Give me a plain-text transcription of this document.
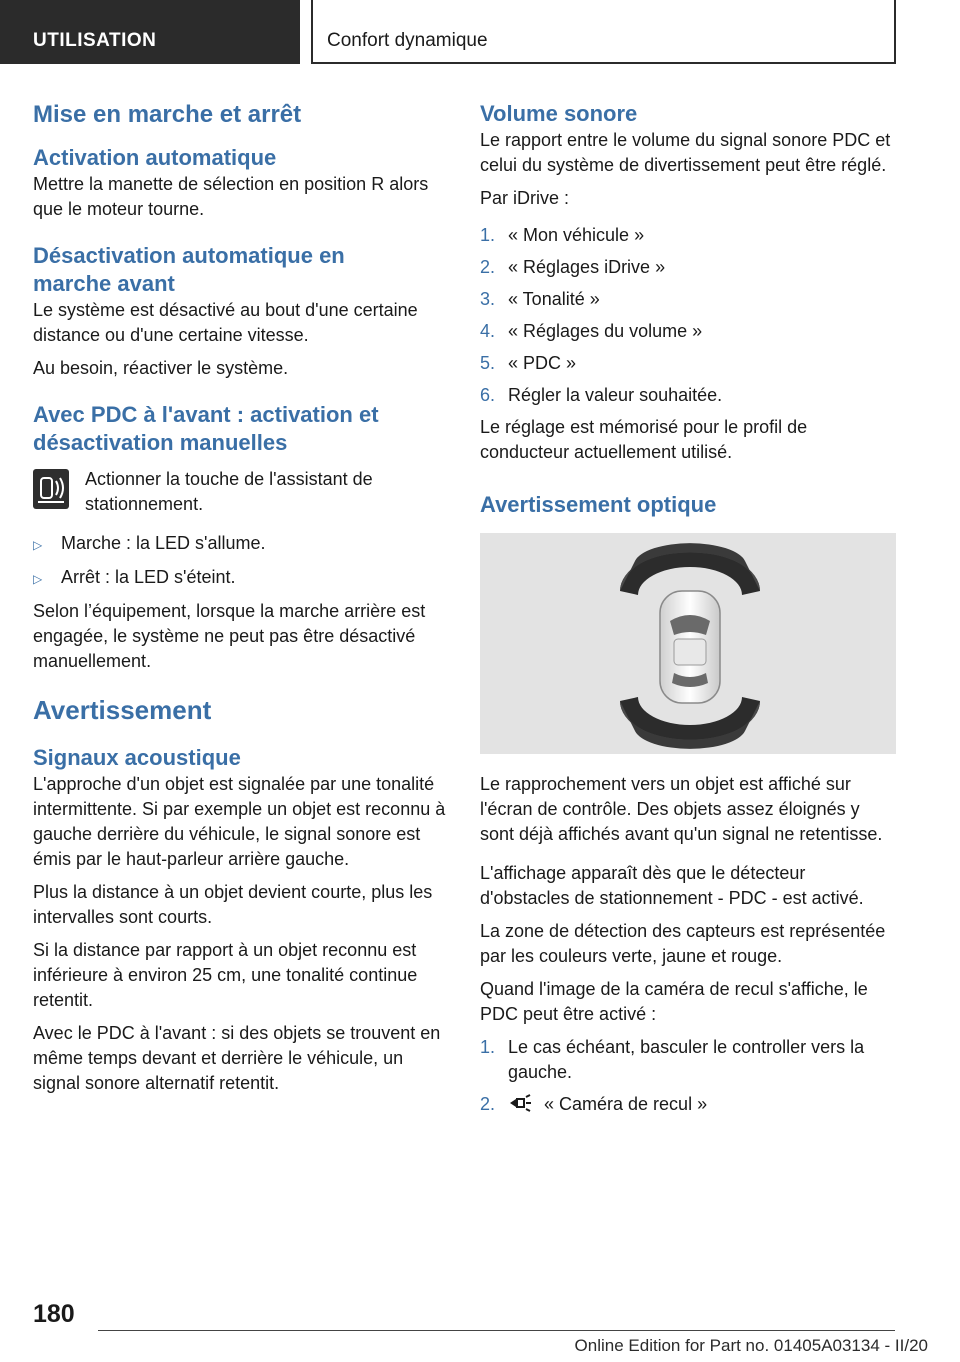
UTILISATION	Confort dynamique
Mise en marche et arrêt
Activation automatique

Mettre la manette de sélection en position R alors que le moteur tourne.

Désactivation automatique en
marche avant

Le système est désactivé au bout d'une certaine distance ou d'une certaine vitesse.

Au besoin, réactiver le système.

Avec PDC à l'avant : activation et
désactivation manuelles

Actionner la touche de l'assistant de stationnement.

▷	Marche : la LED s'allume.
▷	Arrêt : la LED s'éteint.

Selon l’équipement, lorsque la marche arrière est engagée, le système ne peut pas être désactivé manuellement.

Avertissement
Signaux acoustique

L'approche d'un objet est signalée par une tonalité intermittente. Si par exemple un objet est reconnu à gauche derrière du véhicule, le signal sonore est émis par le haut-parleur arrière gauche.

Plus la distance à un objet devient courte, plus les intervalles sont courts.

Si la distance par rapport à un objet reconnu est inférieure à environ 25 cm, une tonalité continue retentit.

Avec le PDC à l'avant : si des objets se trouvent en même temps devant et derrière le véhicule, un signal sonore alternatif retentit.

Volume sonore

Le rapport entre le volume du signal sonore PDC et celui du système de divertissement peut être réglé.

Par iDrive :

1. « Mon véhicule »
2. « Réglages iDrive »
3. « Tonalité »
4. « Réglages du volume »
5. « PDC »
6. Régler la valeur souhaitée.

Le réglage est mémorisé pour le profil de conducteur actuellement utilisé.

Avertissement optique

Le rapprochement vers un objet est affiché sur l'écran de contrôle. Des objets assez éloignés y sont déjà affichés avant qu'un signal ne retentisse.

L'affichage apparaît dès que le détecteur d'obstacles de stationnement - PDC - est activé.

La zone de détection des capteurs est représentée par les couleurs verte, jaune et rouge.

Quand l'image de la caméra de recul s'affiche, le PDC peut être activé :

1. Le cas échéant, basculer le controller vers la gauche.
2.	« Caméra de recul »
180
Online Edition for Part no. 01405A03134 - II/20
